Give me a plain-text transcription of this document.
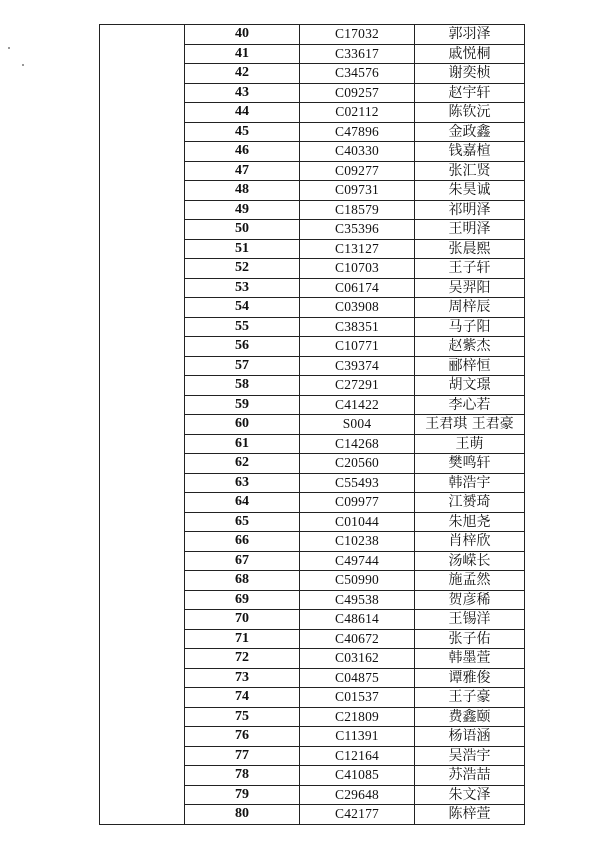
	40	C17032	郭羽泽
	41	C33617	戚悦桐
	42	C34576	谢奕桢
	43	C09257	赵宇轩
	44	C02112	陈钦沅
	45	C47896	金政鑫
	46	C40330	钱嘉楦
	47	C09277	张汇贤
	48	C09731	朱昊诚
	49	C18579	祁明泽
	50	C35396	王明泽
	51	C13127	张晨熙
	52	C10703	王子轩
	53	C06174	吴羿阳
	54	C03908	周梓辰
	55	C38351	马子阳
	56	C10771	赵紫杰
	57	C39374	郦梓恒
	58	C27291	胡文璟
	59	C41422	李心若
	60	S004	王君琪 王君豪
	61	C14268	王萌
	62	C20560	樊鸣轩
	63	C55493	韩浩宇
	64	C09977	江赟琦
	65	C01044	朱旭尧
	66	C10238	肖梓欣
	67	C49744	汤嵘长
	68	C50990	施孟然
	69	C49538	贺彦稀
	70	C48614	王锡洋
	71	C40672	张子佑
	72	C03162	韩墨萱
	73	C04875	谭雅俊
	74	C01537	王子豪
	75	C21809	费鑫颐
	76	C11391	杨语涵
	77	C12164	吴浩宇
	78	C41085	苏浩喆
	79	C29648	朱文泽
	80	C42177	陈梓萱
